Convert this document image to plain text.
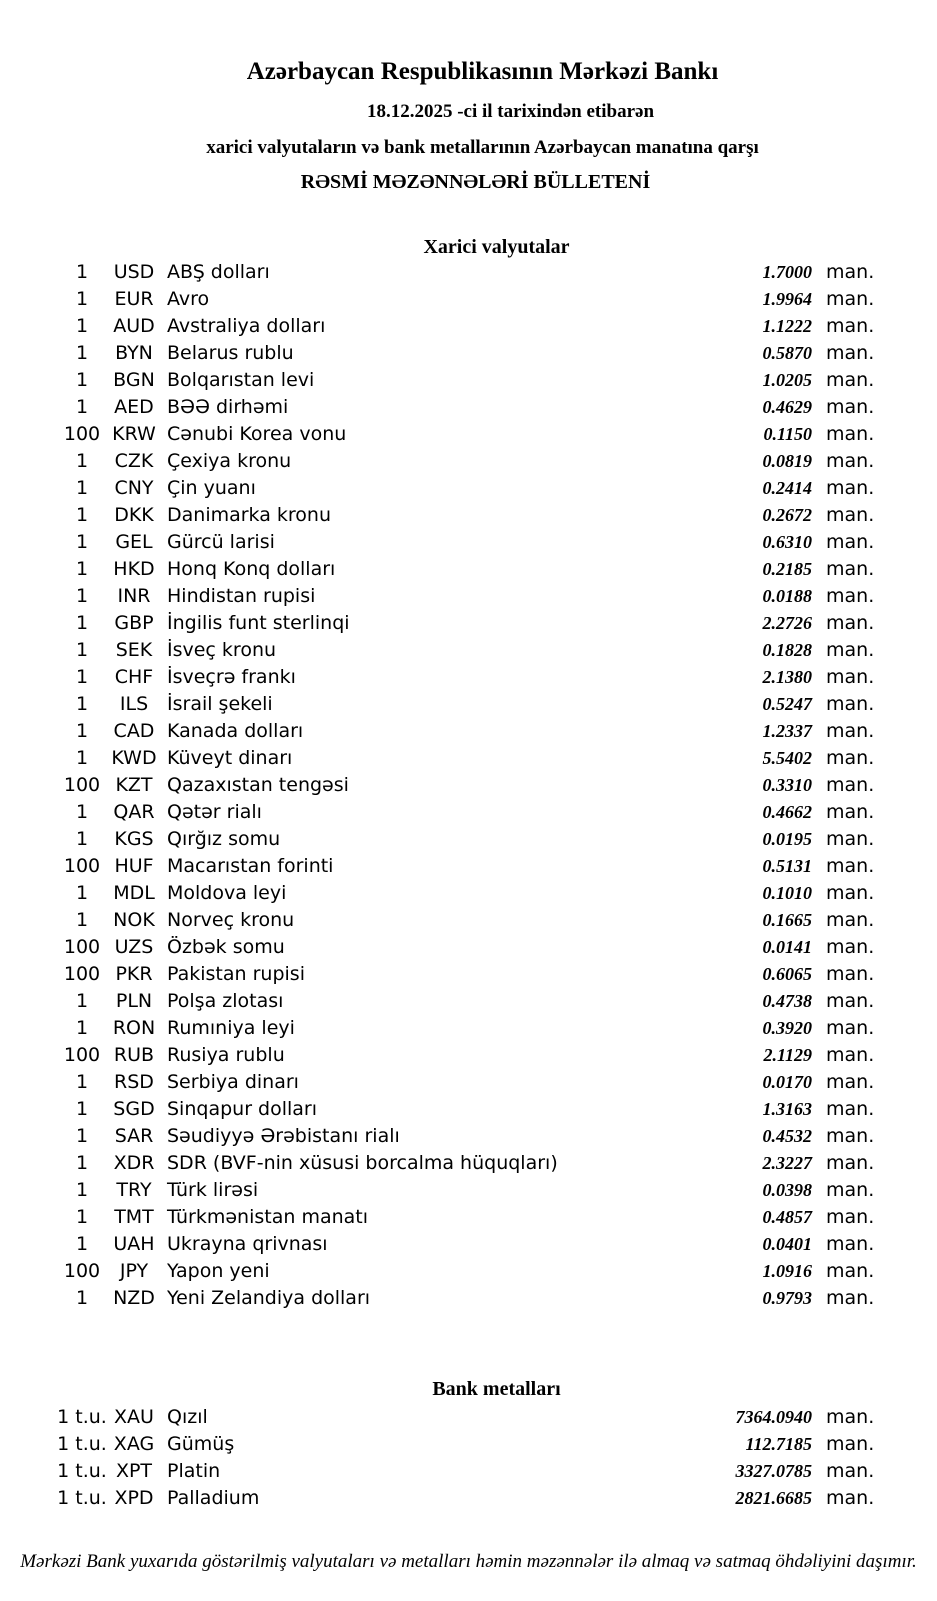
Azərbaycan Respublikasının Mərkəzi Bankı
18.12.2025 -ci il tarixindən etibarən
xarici valyutaların və bank metallarının Azərbaycan manatına qarşı
RƏSMİ MƏZƏNNƏLƏRİ BÜLLETENİ
Xarici valyutalar
1	USD ABŞ dolları	1.7000 man.
1	EUR Avro	1.9964 man.
1	AUD Avstraliya dolları	1.1222 man.
1	BYN Belarus rublu	0.5870 man.
1	BGN Bolqarıstan levi	1.0205 man.
1	AED BƏƏ dirhəmi	0.4629 man.
100 KRW Cənubi Korea vonu	0.1150 man.
1	CZK Çexiya kronu	0.0819 man.
1	CNY Çin yuanı	0.2414 man.
1	DKK Danimarka kronu	0.2672 man.
1	GEL Gürcü larisi	0.6310 man.
1	HKD Honq Konq dolları	0.2185 man.
1	INR Hindistan rupisi	0.0188 man.
1	GBP İngilis funt sterlinqi	2.2726 man.
1	SEK İsveç kronu	0.1828 man.
1	CHF İsveçrə frankı	2.1380 man.
1	ILS İsrail şekeli	0.5247 man.
1	CAD Kanada dolları	1.2337 man.
1	KWD Küveyt dinarı	5.5402 man.
100 KZT Qazaxıstan tengəsi	0.3310 man.
1	QAR Qətər rialı	0.4662 man.
1	KGS Qırğız somu	0.0195 man.
100 HUF Macarıstan forinti	0.5131 man.
1	MDL Moldova leyi	0.1010 man.
1	NOK Norveç kronu	0.1665 man.
100 UZS Özbək somu	0.0141 man.
100 PKR Pakistan rupisi	0.6065 man.
1	PLN Polşa zlotası	0.4738 man.
1	RON Rumıniya leyi	0.3920 man.
100 RUB Rusiya rublu	2.1129 man.
1	RSD Serbiya dinarı	0.0170 man.
1	SGD Sinqapur dolları	1.3163 man.
1	SAR Səudiyyə Ərəbistanı rialı	0.4532 man.
1	XDR SDR (BVF-nin xüsusi borcalma hüquqları)	2.3227 man.
1	TRY Türk lirəsi	0.0398 man.
1	TMT Türkmənistan manatı	0.4857 man.
1	UAH Ukrayna qrivnası	0.0401 man.
100	JPY Yapon yeni	1.0916 man.
1	NZD Yeni Zelandiya dolları	0.9793 man.
Bank metalları
1 t.u. XAU Qızıl	7364.0940 man.
1 t.u. XAG Gümüş	112.7185 man.
1 t.u. XPT Platin	3327.0785 man.
1 t.u. XPD Palladium	2821.6685 man.
Mərkəzi Bank yuxarıda göstərilmiş valyutaları və metalları həmin məzənnələr ilə almaq və satmaq öhdəliyini daşımır.
